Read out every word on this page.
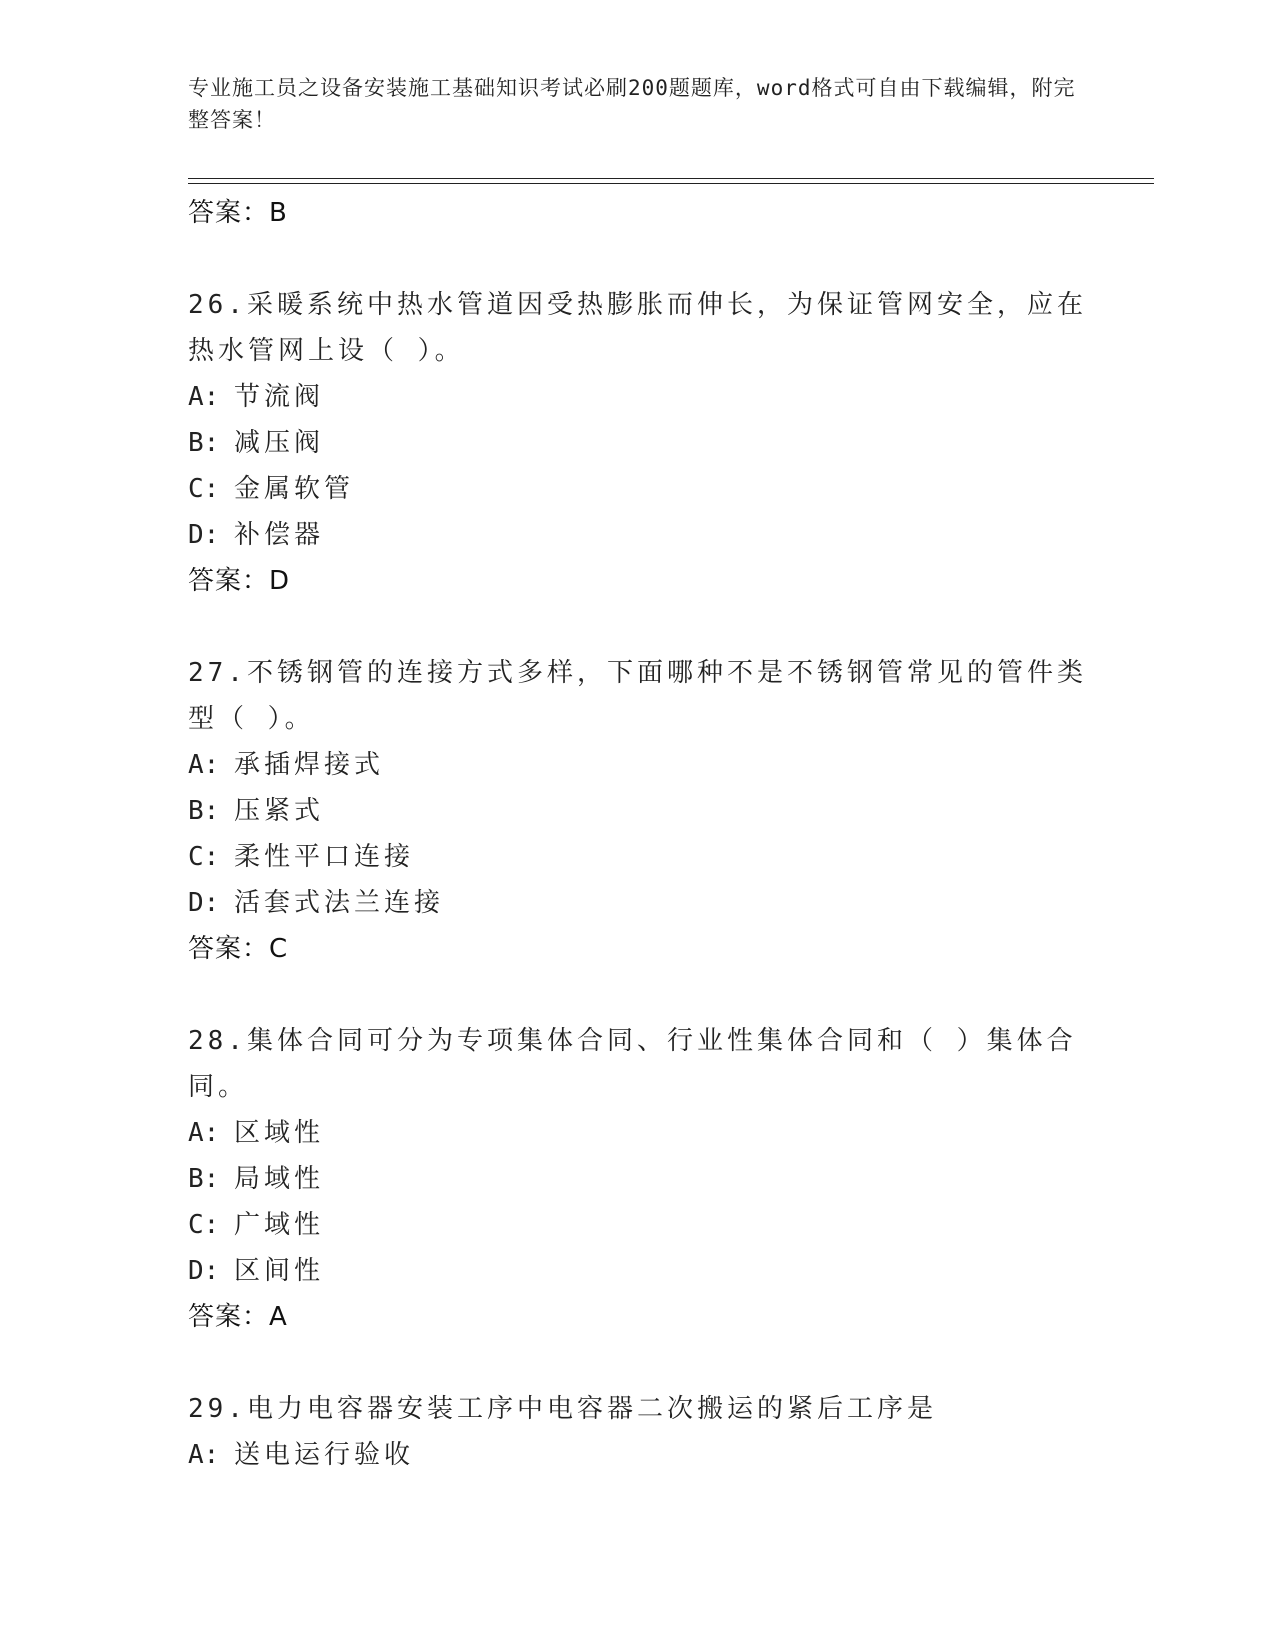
专业施工员之设备安装施工基础知识考试必刷200题题库，word格式可自由下载编辑，附完整答案！
答案：B
26.采暖系统中热水管道因受热膨胀而伸长，为保证管网安全，应在热水管网上设（ ）。
A: 节流阀
B: 减压阀
C: 金属软管
D: 补偿器
答案：D
27.不锈钢管的连接方式多样，下面哪种不是不锈钢管常见的管件类型（ ）。
A: 承插焊接式
B: 压紧式
C: 柔性平口连接
D: 活套式法兰连接
答案：C
28.集体合同可分为专项集体合同、行业性集体合同和（ ）集体合同。
A: 区域性
B: 局域性
C: 广域性
D: 区间性
答案：A
29.电力电容器安装工序中电容器二次搬运的紧后工序是
A: 送电运行验收
